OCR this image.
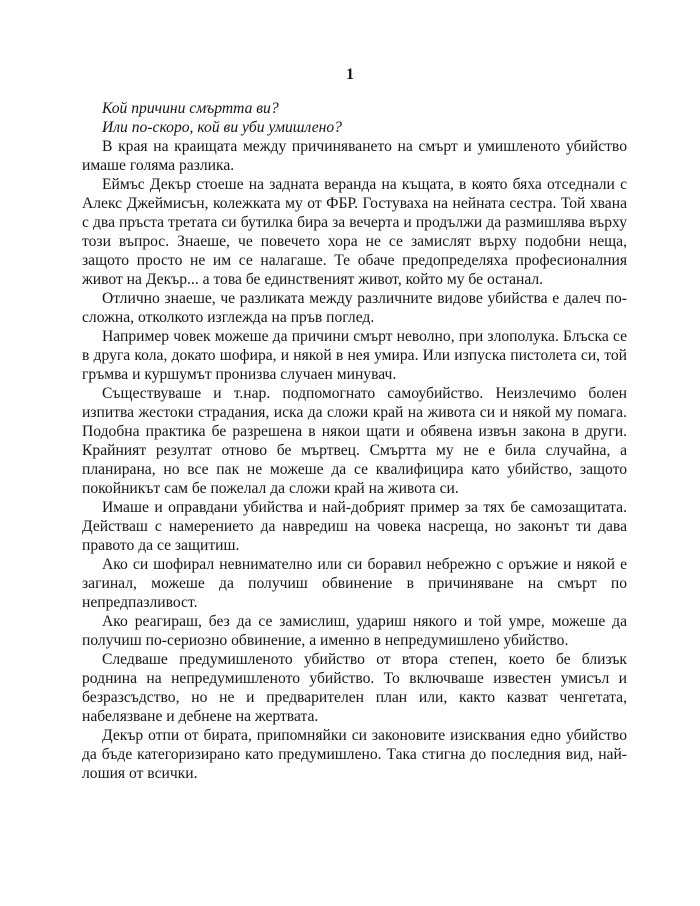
1

Кой причини смъртта ви?

Или по-скоро, кой ви уби умишлено?

В края на краищата между причиняването на смърт и умишленото убийство имаше голяма разлика.

Еймъс Декър стоеше на задната веранда на къщата, в която бяха отседнали с Алекс Джеймисън, колежката му от ФБР. Гостуваха на нейната сестра. Той хвана с два пръста третата си бутилка бира за вечерта и продължи да размишлява върху този въпрос. Знаеше, че повечето хора не се замислят върху подобни неща, защото просто не им се налагаше. Те обаче предопределяха професионалния живот на Декър... а това бе единственият живот, който му бе останал.

Отлично знаеше, че разликата между различните видове убийства е далеч по-сложна, отколкото изглежда на пръв поглед.

Например човек можеше да причини смърт неволно, при злополука. Блъска се в друга кола, докато шофира, и някой в нея умира. Или изпуска пистолета си, той гръмва и куршумът пронизва случаен минувач.

Съществуваше и т.нар. подпомогнато самоубийство. Неизлечимо болен изпитва жестоки страдания, иска да сложи край на живота си и някой му помага. Подобна практика бе разрешена в някои щати и обявена извън закона в други. Крайният резултат отново бе мъртвец. Смъртта му не е била случайна, а планирана, но все пак не можеше да се квалифицира като убийство, защото покойникът сам бе пожелал да сложи край на живота си.

Имаше и оправдани убийства и най-добрият пример за тях бе самозащитата. Действаш с намерението да навредиш на човека насреща, но законът ти дава правото да се защитиш.

Ако си шофирал невнимателно или си боравил небрежно с оръжие и някой е загинал, можеше да получиш обвинение в причиняване на смърт по непредпазливост.

Ако реагираш, без да се замислиш, удариш някого и той умре, можеше да получиш по-сериозно обвинение, а именно в непредумишлено убийство.

Следваше предумишленото убийство от втора степен, което бе близък роднина на непредумишленото убийство. То включваше известен умисъл и безразсъдство, но не и предварителен план или, както казват ченгетата, набелязване и дебнене на жертвата.

Декър отпи от бирата, припомняйки си законовите изисквания едно убийство да бъде категоризирано като предумишлено. Така стигна до последния вид, най-лошия от всички.
